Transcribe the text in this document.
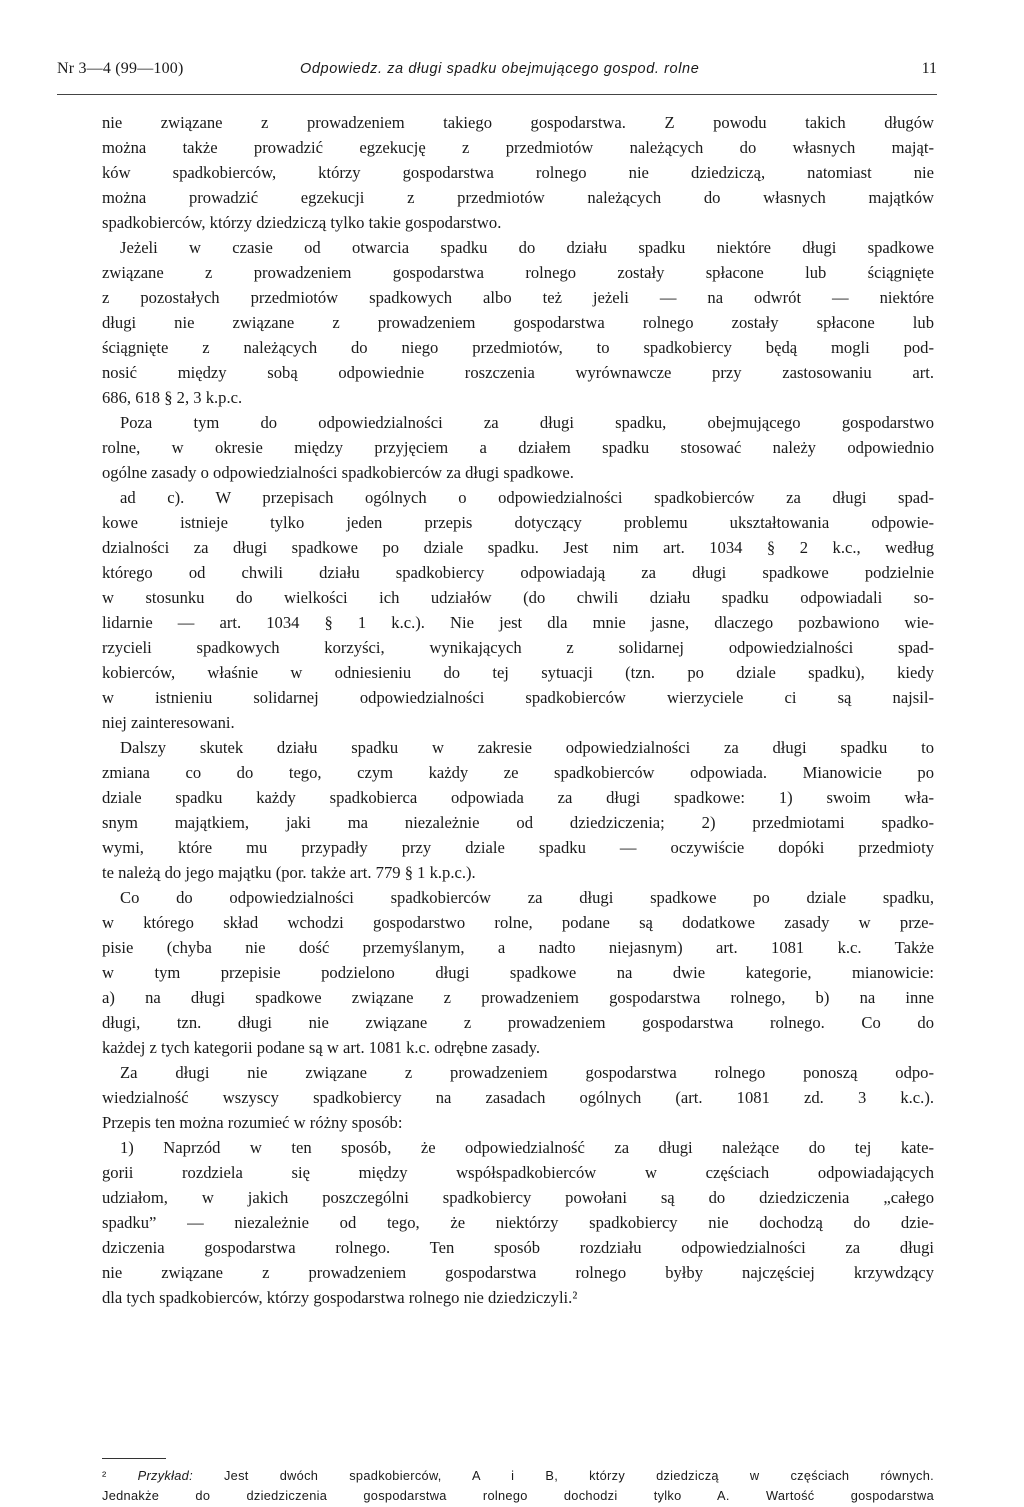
Nr 3—4 (99—100)	Odpowiedz. za długi spadku obejmującego gospod. rolne	11
nie związane z prowadzeniem takiego gospodarstwa. Z powodu takich długów
można także prowadzić egzekucję z przedmiotów należących do własnych mająt-
ków spadkobierców, którzy gospodarstwa rolnego nie dziedziczą, natomiast nie
można prowadzić egzekucji z przedmiotów należących do własnych majątków
spadkobierców, którzy dziedziczą tylko takie gospodarstwo.
Jeżeli w czasie od otwarcia spadku do działu spadku niektóre długi spadkowe
związane z prowadzeniem gospodarstwa rolnego zostały spłacone lub ściągnięte
z pozostałych przedmiotów spadkowych albo też jeżeli — na odwrót — niektóre
długi nie związane z prowadzeniem gospodarstwa rolnego zostały spłacone lub
ściągnięte z należących do niego przedmiotów, to spadkobiercy będą mogli pod-
nosić między sobą odpowiednie roszczenia wyrównawcze przy zastosowaniu art.
686, 618 § 2, 3 k.p.c.
Poza tym do odpowiedzialności za długi spadku, obejmującego gospodarstwo
rolne, w okresie między przyjęciem a działem spadku stosować należy odpowiednio
ogólne zasady o odpowiedzialności spadkobierców za długi spadkowe.
ad c). W przepisach ogólnych o odpowiedzialności spadkobierców za długi spad-
kowe istnieje tylko jeden przepis dotyczący problemu ukształtowania odpowie-
dzialności za długi spadkowe po dziale spadku. Jest nim art. 1034 § 2 k.c., według
którego od chwili działu spadkobiercy odpowiadają za długi spadkowe podzielnie
w stosunku do wielkości ich udziałów (do chwili działu spadku odpowiadali so-
lidarnie — art. 1034 § 1 k.c.). Nie jest dla mnie jasne, dlaczego pozbawiono wie-
rzycieli spadkowych korzyści, wynikających z solidarnej odpowiedzialności spad-
kobierców, właśnie w odniesieniu do tej sytuacji (tzn. po dziale spadku), kiedy
w istnieniu solidarnej odpowiedzialności spadkobierców wierzyciele ci są najsil-
niej zainteresowani.
Dalszy skutek działu spadku w zakresie odpowiedzialności za długi spadku to
zmiana co do tego, czym każdy ze spadkobierców odpowiada. Mianowicie po
dziale spadku każdy spadkobierca odpowiada za długi spadkowe: 1) swoim wła-
snym majątkiem, jaki ma niezależnie od dziedziczenia; 2) przedmiotami spadko-
wymi, które mu przypadły przy dziale spadku — oczywiście dopóki przedmioty
te należą do jego majątku (por. także art. 779 § 1 k.p.c.).
Co do odpowiedzialności spadkobierców za długi spadkowe po dziale spadku,
w którego skład wchodzi gospodarstwo rolne, podane są dodatkowe zasady w prze-
pisie (chyba nie dość przemyślanym, a nadto niejasnym) art. 1081 k.c. Także
w tym przepisie podzielono długi spadkowe na dwie kategorie, mianowicie:
a) na długi spadkowe związane z prowadzeniem gospodarstwa rolnego, b) na inne
długi, tzn. długi nie związane z prowadzeniem gospodarstwa rolnego. Co do
każdej z tych kategorii podane są w art. 1081 k.c. odrębne zasady.
Za długi nie związane z prowadzeniem gospodarstwa rolnego ponoszą odpo-
wiedzialność wszyscy spadkobiercy na zasadach ogólnych (art. 1081 zd. 3 k.c.).
Przepis ten można rozumieć w różny sposób:
1) Naprzód w ten sposób, że odpowiedzialność za długi należące do tej kate-
gorii rozdziela się między współspadkobierców w częściach odpowiadających
udziałom, w jakich poszczególni spadkobiercy powołani są do dziedziczenia „całego
spadku” — niezależnie od tego, że niektórzy spadkobiercy nie dochodzą do dzie-
dziczenia gospodarstwa rolnego. Ten sposób rozdziału odpowiedzialności za długi
nie związane z prowadzeniem gospodarstwa rolnego byłby najczęściej krzywdzący
dla tych spadkobierców, którzy gospodarstwa rolnego nie dziedziczyli.²
² Przykład: Jest dwóch spadkobierców, A i B, którzy dziedziczą w częściach równych.
Jednakże do dziedziczenia gospodarstwa rolnego dochodzi tylko A. Wartość gospodarstwa
